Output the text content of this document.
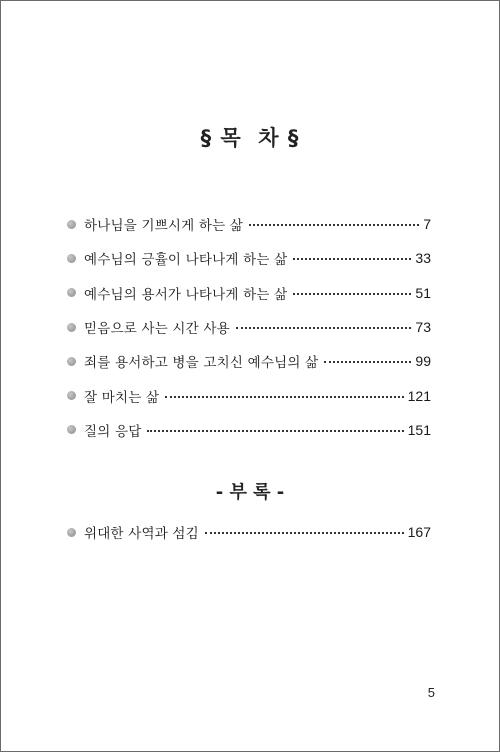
§ 목  차 §
하나님을 기쁘시게 하는 삶	7
예수님의 긍휼이 나타나게 하는 삶	33
예수님의 용서가 나타나게 하는 삶	51
믿음으로 사는 시간 사용	73
죄를 용서하고 병을 고치신 예수님의 삶	99
잘 마치는 삶	121
질의 응답	151
- 부 록 -
위대한 사역과 섬김	167
5
